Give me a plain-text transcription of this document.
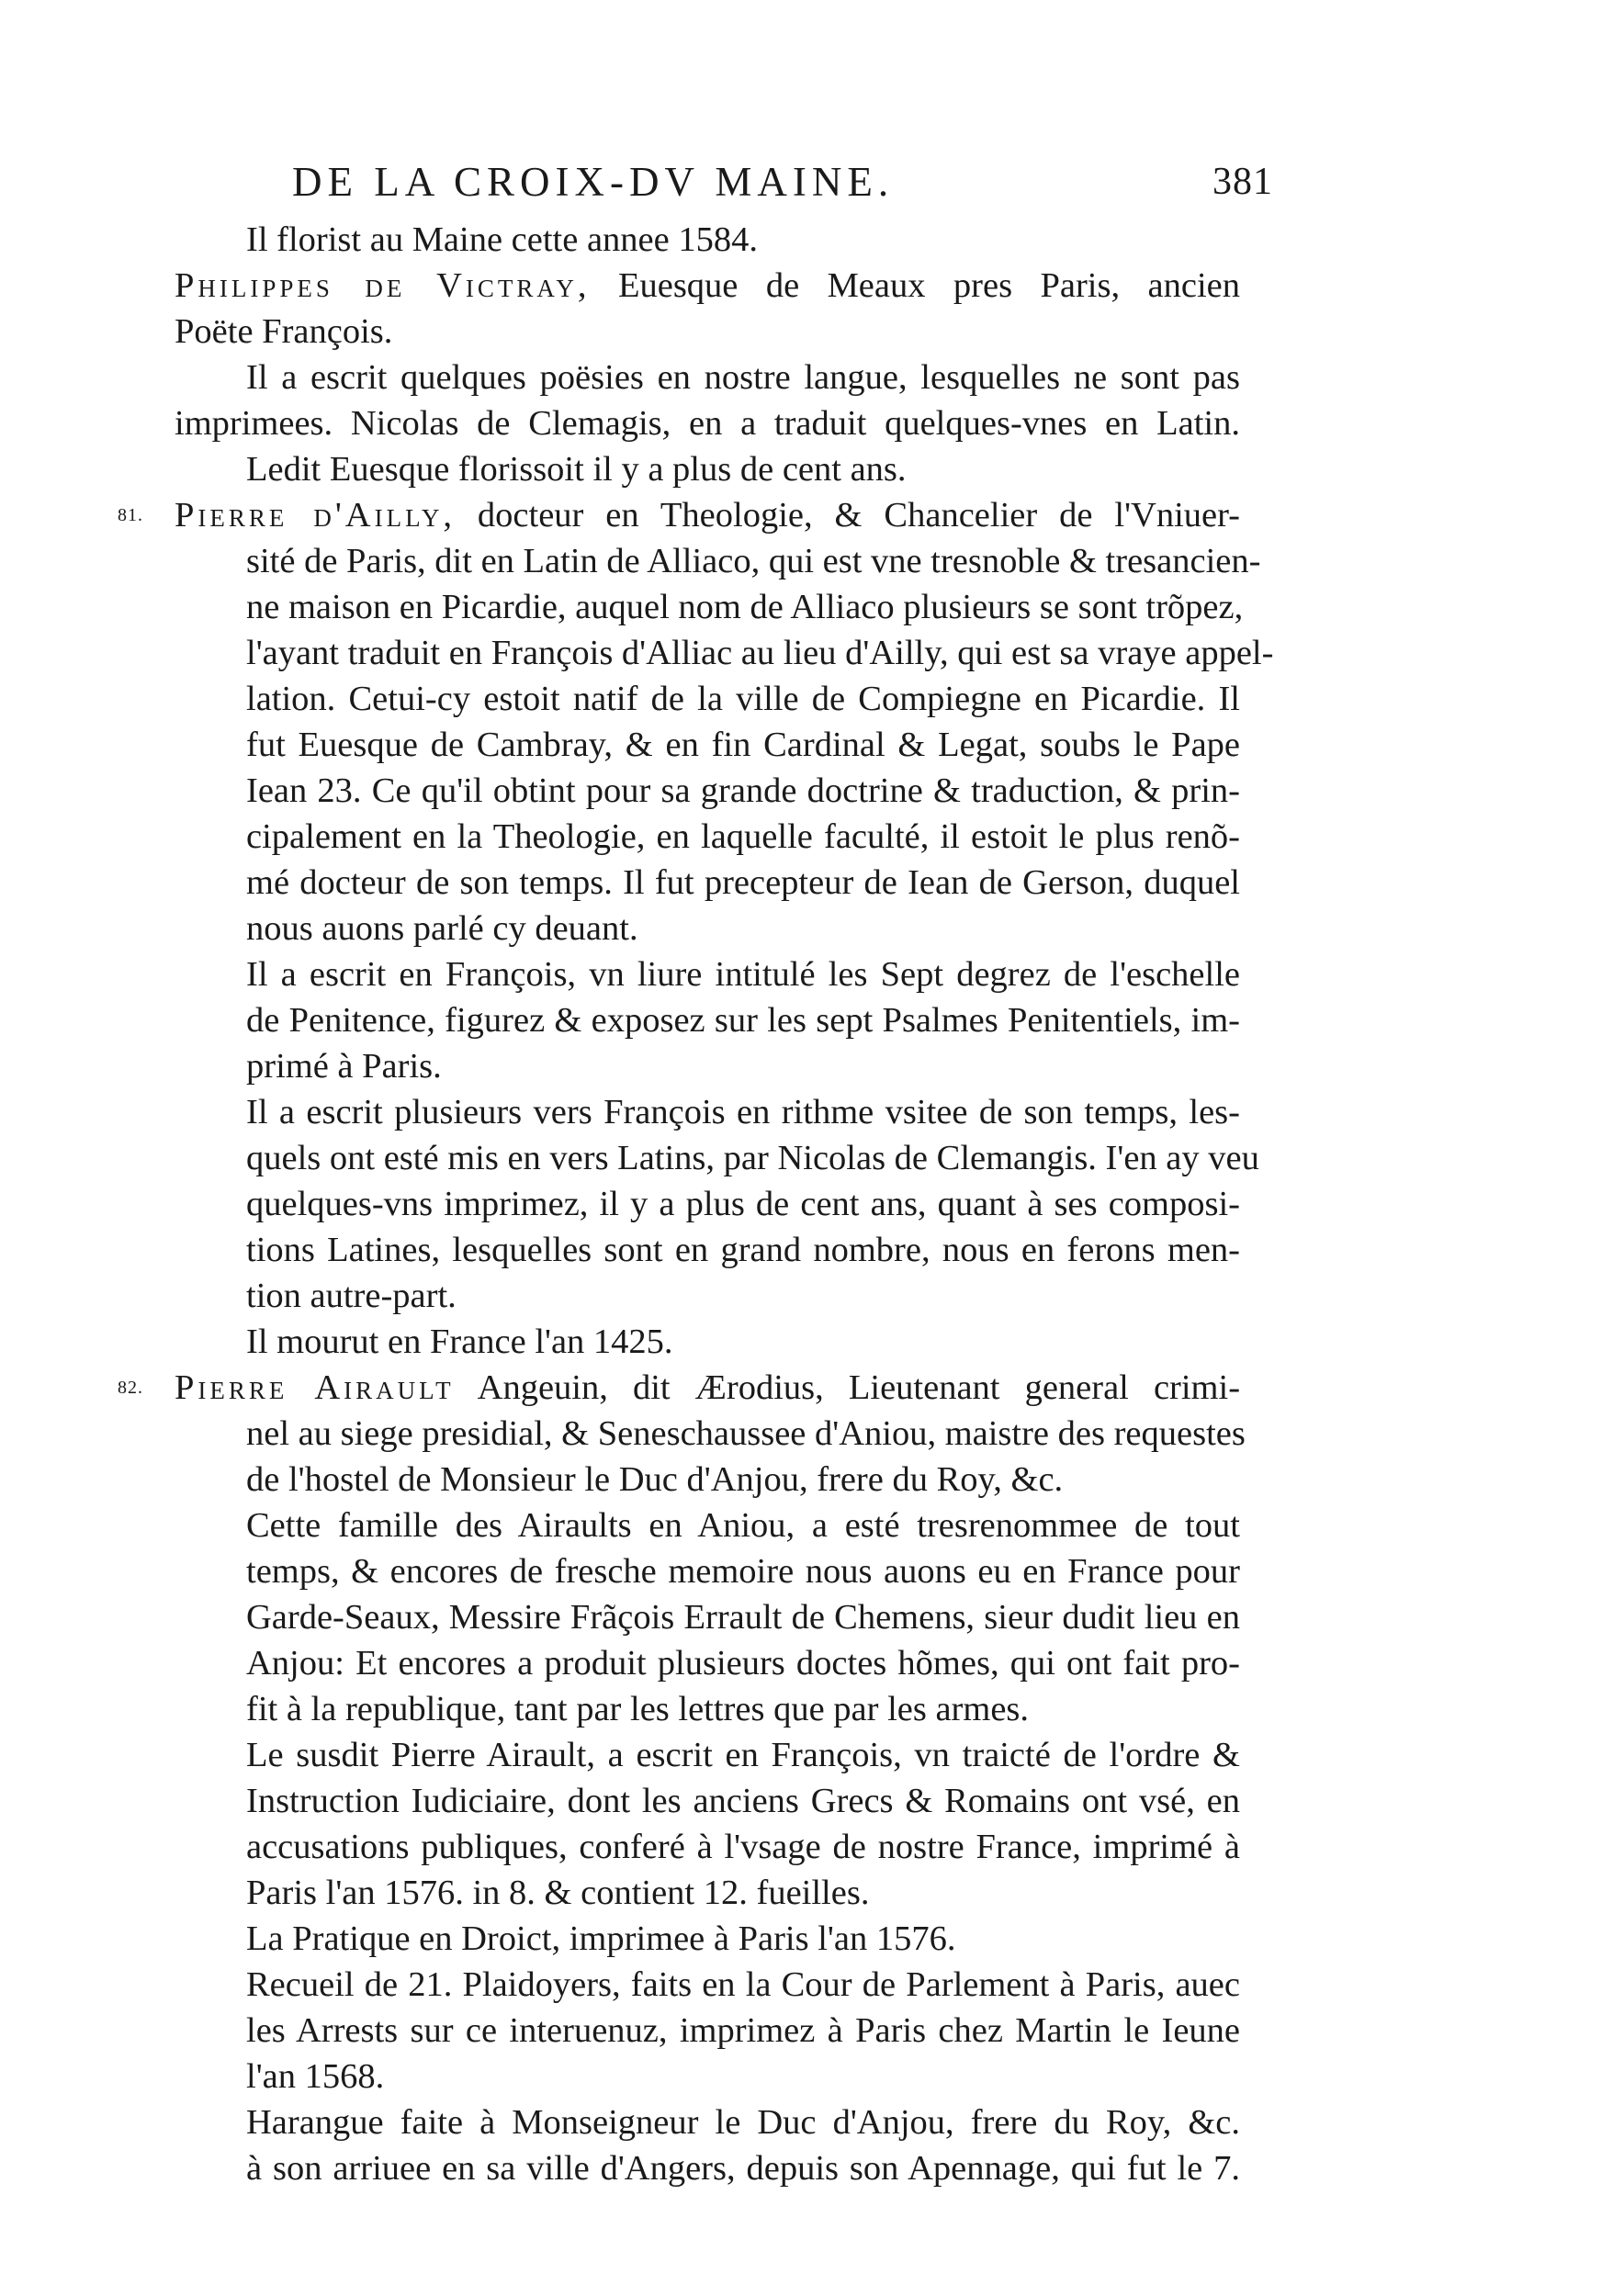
DE LA CROIX-DV MAINE.	381
Il florist au Maine cette annee 1584.
Philippes de Victray, Euesque de Meaux pres Paris, ancien
Poëte François.
Il a escrit quelques poësies en nostre langue, lesquelles ne sont pas
imprimees. Nicolas de Clemagis, en a traduit quelques-vnes en Latin.
Ledit Euesque florissoit il y a plus de cent ans.
81. Pierre d'Ailly, docteur en Theologie, & Chancelier de l'Vniuer-
sité de Paris, dit en Latin de Alliaco, qui est vne tresnoble & tresancien-
ne maison en Picardie, auquel nom de Alliaco plusieurs se sont trõpez,
l'ayant traduit en François d'Alliac au lieu d'Ailly, qui est sa vraye appel-
lation. Cetui-cy estoit natif de la ville de Compiegne en Picardie. Il
fut Euesque de Cambray, & en fin Cardinal & Legat, soubs le Pape
Iean 23. Ce qu'il obtint pour sa grande doctrine & traduction, & prin-
cipalement en la Theologie, en laquelle faculté, il estoit le plus renõ-
mé docteur de son temps. Il fut precepteur de Iean de Gerson, duquel
nous auons parlé cy deuant.
Il a escrit en François, vn liure intitulé les Sept degrez de l'eschelle
de Penitence, figurez & exposez sur les sept Psalmes Penitentiels, im-
primé à Paris.
Il a escrit plusieurs vers François en rithme vsitee de son temps, les-
quels ont esté mis en vers Latins, par Nicolas de Clemangis. I'en ay veu
quelques-vns imprimez, il y a plus de cent ans, quant à ses composi-
tions Latines, lesquelles sont en grand nombre, nous en ferons men-
tion autre-part.
Il mourut en France l'an 1425.
82. Pierre Airault Angeuin, dit Ærodius, Lieutenant general crimi-
nel au siege presidial, & Seneschaussee d'Aniou, maistre des requestes
de l'hostel de Monsieur le Duc d'Anjou, frere du Roy, &c.
Cette famille des Airaults en Aniou, a esté tresrenommee de tout
temps, & encores de fresche memoire nous auons eu en France pour
Garde-Seaux, Messire Frãçois Errault de Chemens, sieur dudit lieu en
Anjou: Et encores a produit plusieurs doctes hõmes, qui ont fait pro-
fit à la republique, tant par les lettres que par les armes.
Le susdit Pierre Airault, a escrit en François, vn traicté de l'ordre &
Instruction Iudiciaire, dont les anciens Grecs & Romains ont vsé, en
accusations publiques, conferé à l'vsage de nostre France, imprimé à
Paris l'an 1576. in 8. & contient 12. fueilles.
La Pratique en Droict, imprimee à Paris l'an 1576.
Recueil de 21. Plaidoyers, faits en la Cour de Parlement à Paris, auec
les Arrests sur ce interuenuz, imprimez à Paris chez Martin le Ieune
l'an 1568.
Harangue faite à Monseigneur le Duc d'Anjou, frere du Roy, &c.
à son arriuee en sa ville d'Angers, depuis son Apennage, qui fut le 7.
